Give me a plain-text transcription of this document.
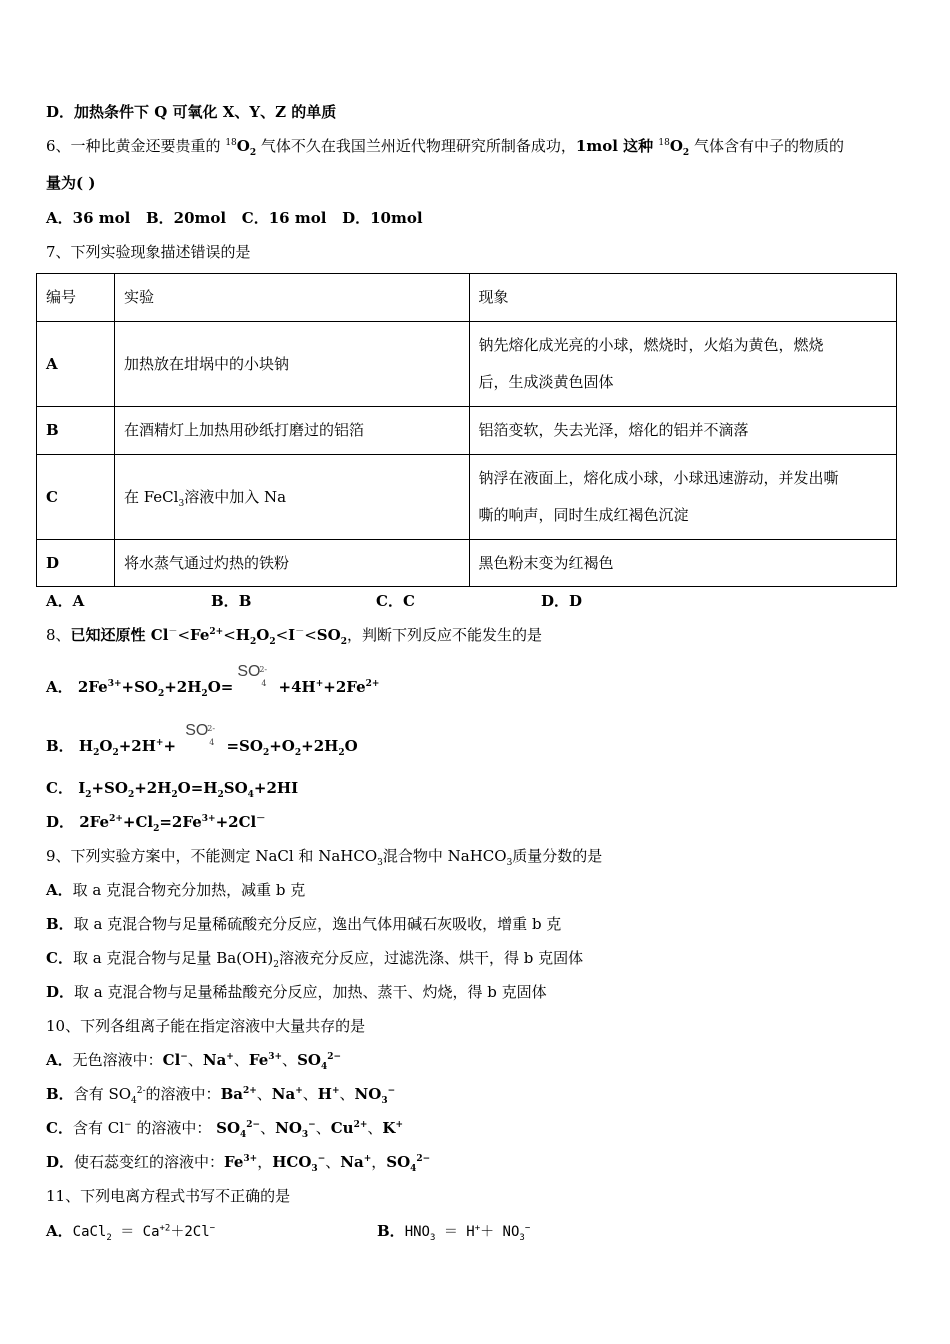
D．加热条件下 Q 可氧化 X、Y、Z 的单质
6、一种比黄金还要贵重的 $^{18}O_2$ 气体不久在我国兰州近代物理研究所制备成功，1mol 这种 $^{18}O_2$ 气体含有中子的物质的
量为( )
A．36 mol B．20mol C．16 mol D．10mol
7、下列实验现象描述错误的是
编号	实验	现象
A	加热放在坩埚中的小块钠	钠先熔化成光亮的小球，燃烧时，火焰为黄色，燃烧
后，生成淡黄色固体

B	在酒精灯上加热用砂纸打磨过的铝箔	铝箔变软，失去光泽，熔化的铝并不滴落
C	在 FeCl$_3$溶液中加入 Na	钠浮在液面上，熔化成小球，小球迅速游动，并发出嘶
嘶的响声，同时生成红褐色沉淀

D	将水蒸气通过灼热的铁粉	黑色粉末变为红褐色
A．A	B．B	C．C	D．D
8、已知还原性 $Cl^-<Fe^{2+}<H_2O_2<I^-<SO_2$，判断下列反应不能发生的是
A． $2Fe^{3+}+SO_2+2H_2O=$
SO
2-
$4 +4H^++2Fe^{2+}$
B． $H_2O_2+2H^++$
SO
2-
$4 =SO_2+O_2+2H_2O$
C． $I_2+SO_2+2H_2O=H_2SO_4+2HI$
D． $2Fe^{2+}+Cl_2=2Fe^{3+}+2Cl^-$
9、下列实验方案中，不能测定 NaCl 和 NaHCO$_3$混合物中 NaHCO$_3$质量分数的是
A．取 a 克混合物充分加热，减重 b 克
B．取 a 克混合物与足量稀硫酸充分反应，逸出气体用碱石灰吸收，增重 b 克
C．取 a 克混合物与足量 $Ba(OH)_2$溶液充分反应，过滤洗涤、烘干，得 b 克固体
D．取 a 克混合物与足量稀盐酸充分反应，加热、蒸干、灼烧，得 b 克固体
10、下列各组离子能在指定溶液中大量共存的是
A．无色溶液中：Cl−、Na+、$Fe^{3+}$、$SO_4^{2-}$
B．含有 $SO_4^{2-}$的溶液中：$Ba^{2+}$、Na+、H+、$NO_3^-$
C．含有 Cl− 的溶液中： $SO_4^{2-}$、$NO_3^-$、$Cu^{2+}$、K+
D．使石蕊变红的溶液中：$Fe^{3+}$，$HCO_3^-$、Na+，$SO_4^{2-}$
11、下列电离方程式书写不正确的是
A．CaCl$_2$ ＝ $Ca^{+2}+2Cl^-$	B．$HNO_3 = H^++ NO_3^-$
